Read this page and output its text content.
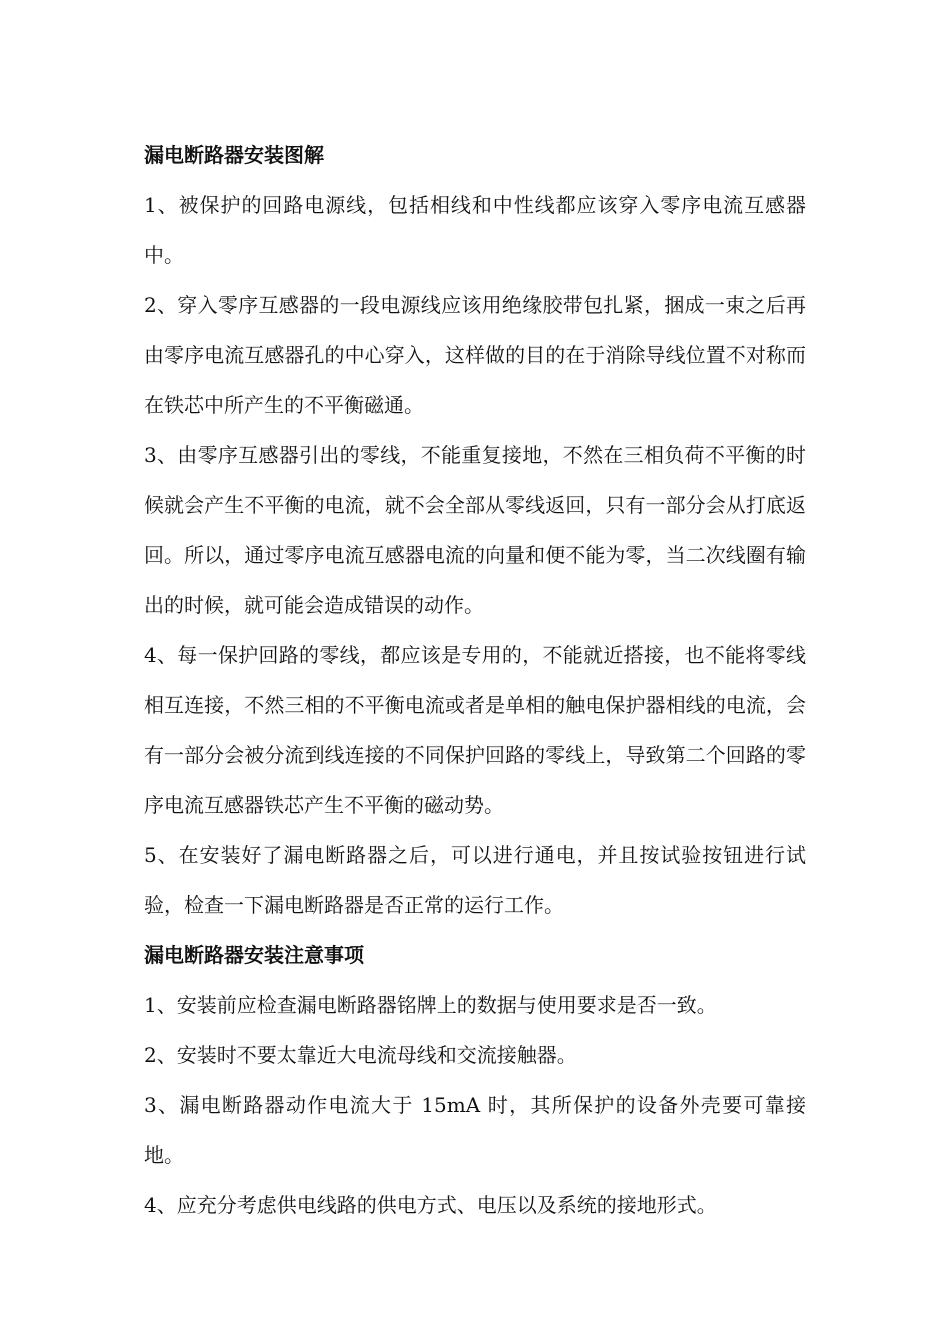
漏电断路器安装图解

1、被保护的回路电源线，包括相线和中性线都应该穿入零序电流互感器中。

2、穿入零序互感器的一段电源线应该用绝缘胶带包扎紧，捆成一束之后再由零序电流互感器孔的中心穿入，这样做的目的在于消除导线位置不对称而在铁芯中所产生的不平衡磁通。

3、由零序互感器引出的零线，不能重复接地，不然在三相负荷不平衡的时候就会产生不平衡的电流，就不会全部从零线返回，只有一部分会从打底返回。所以，通过零序电流互感器电流的向量和便不能为零，当二次线圈有输出的时候，就可能会造成错误的动作。

4、每一保护回路的零线，都应该是专用的，不能就近搭接，也不能将零线相互连接，不然三相的不平衡电流或者是单相的触电保护器相线的电流，会有一部分会被分流到线连接的不同保护回路的零线上，导致第二个回路的零序电流互感器铁芯产生不平衡的磁动势。

5、在安装好了漏电断路器之后，可以进行通电，并且按试验按钮进行试验，检查一下漏电断路器是否正常的运行工作。

漏电断路器安装注意事项

1、安装前应检查漏电断路器铭牌上的数据与使用要求是否一致。

2、安装时不要太靠近大电流母线和交流接触器。

3、漏电断路器动作电流大于 15mA 时，其所保护的设备外壳要可靠接地。

4、应充分考虑供电线路的供电方式、电压以及系统的接地形式。
